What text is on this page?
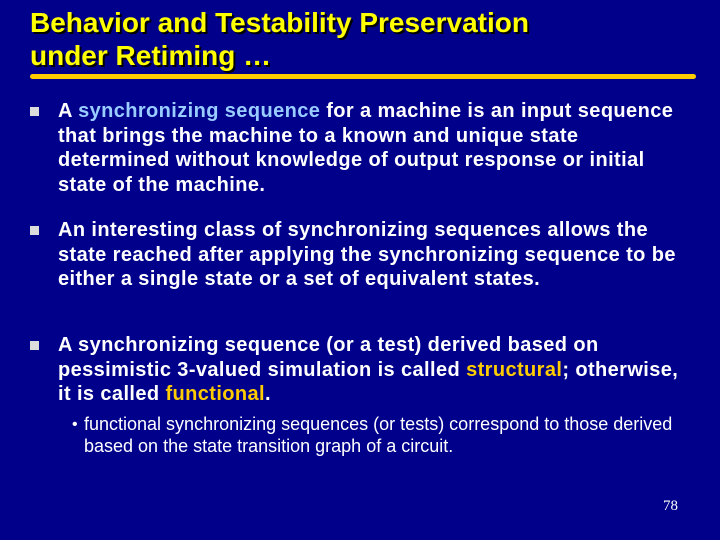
Behavior and Testability Preservation
under Retiming …
A synchronizing sequence for a machine is an input sequence that brings the machine to a known and unique state determined without knowledge of output response or initial state of the machine.
An interesting class of synchronizing sequences allows the state reached after applying the synchronizing sequence to be either a single state or a set of equivalent states.
A synchronizing sequence (or a test) derived based on pessimistic 3-valued simulation is called structural; otherwise, it is called functional.
• functional synchronizing sequences (or tests) correspond to those derived based on the state transition graph of a circuit.
78
